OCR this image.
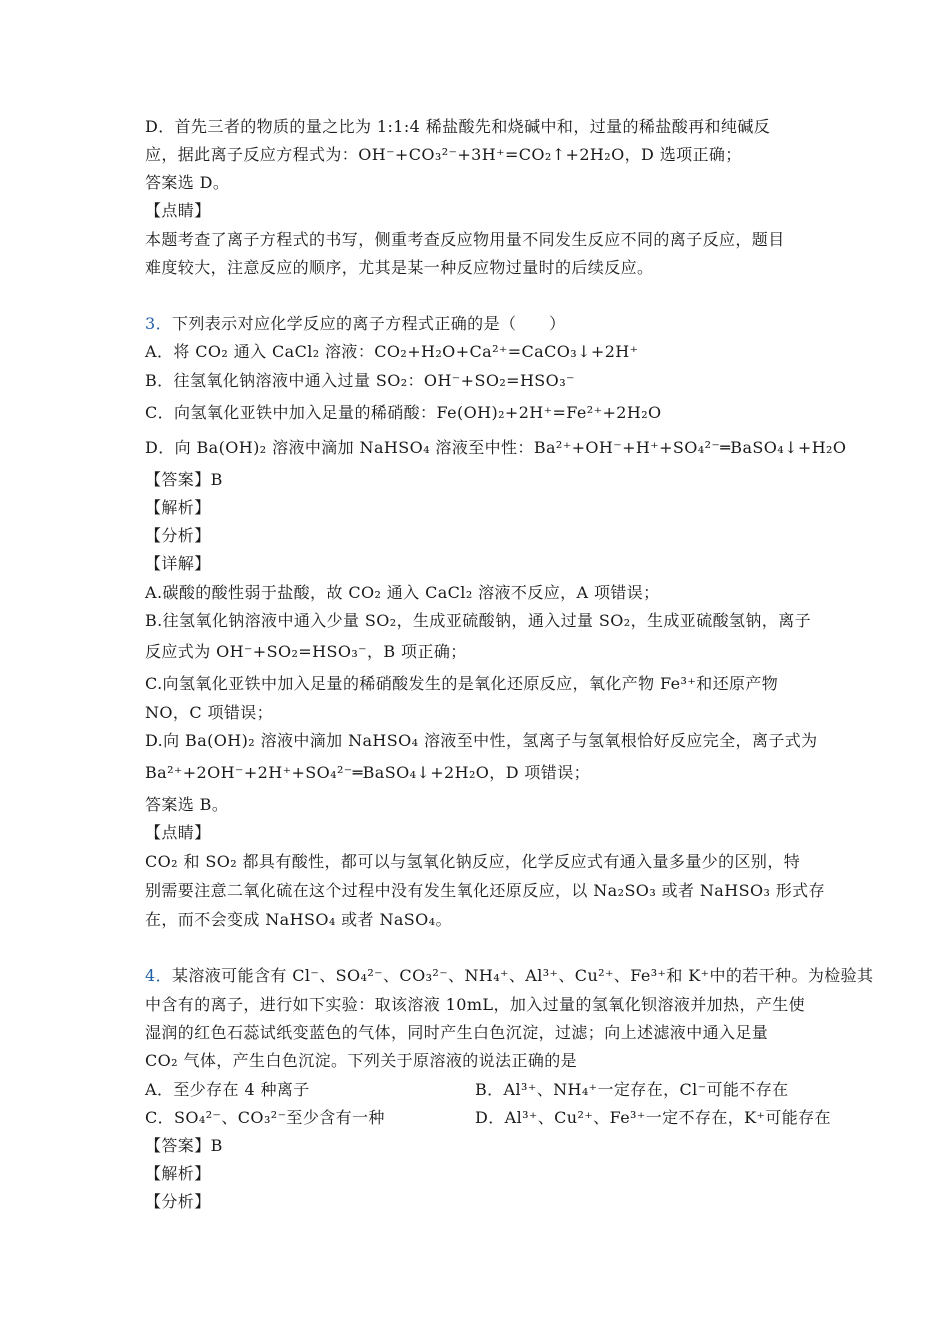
D．首先三者的物质的量之比为 1:1:4 稀盐酸先和烧碱中和，过量的稀盐酸再和纯碱反
应，据此离子反应方程式为：OH⁻+CO₃²⁻+3H⁺=CO₂↑+2H₂O，D 选项正确；
答案选 D。
【点睛】
本题考查了离子方程式的书写，侧重考查反应物用量不同发生反应不同的离子反应，题目
难度较大，注意反应的顺序，尤其是某一种反应物过量时的后续反应。
3．下列表示对应化学反应的离子方程式正确的是（　　）
A．将 CO₂ 通入 CaCl₂ 溶液：CO₂+H₂O+Ca²⁺=CaCO₃↓+2H⁺
B．往氢氧化钠溶液中通入过量 SO₂：OH⁻+SO₂=HSO₃⁻
C．向氢氧化亚铁中加入足量的稀硝酸：Fe(OH)₂+2H⁺=Fe²⁺+2H₂O
D．向 Ba(OH)₂ 溶液中滴加 NaHSO₄ 溶液至中性：Ba²⁺+OH⁻+H⁺+SO₄²⁻═BaSO₄↓+H₂O
【答案】B
【解析】
【分析】
【详解】
A.碳酸的酸性弱于盐酸，故 CO₂ 通入 CaCl₂ 溶液不反应，A 项错误；
B.往氢氧化钠溶液中通入少量 SO₂，生成亚硫酸钠，通入过量 SO₂，生成亚硫酸氢钠，离子
反应式为 OH⁻+SO₂=HSO₃⁻，B 项正确；
C.向氢氧化亚铁中加入足量的稀硝酸发生的是氧化还原反应，氧化产物 Fe³⁺和还原产物
NO，C 项错误；
D.向 Ba(OH)₂ 溶液中滴加 NaHSO₄ 溶液至中性，氢离子与氢氧根恰好反应完全，离子式为
Ba²⁺+2OH⁻+2H⁺+SO₄²⁻═BaSO₄↓+2H₂O，D 项错误；
答案选 B。
【点睛】
CO₂ 和 SO₂ 都具有酸性，都可以与氢氧化钠反应，化学反应式有通入量多量少的区别，特
别需要注意二氧化硫在这个过程中没有发生氧化还原反应，以 Na₂SO₃ 或者 NaHSO₃ 形式存
在，而不会变成 NaHSO₄ 或者 NaSO₄。
4．某溶液可能含有 Cl⁻、SO₄²⁻、CO₃²⁻、NH₄⁺、Al³⁺、Cu²⁺、Fe³⁺和 K⁺中的若干种。为检验其
中含有的离子，进行如下实验：取该溶液 10mL，加入过量的氢氧化钡溶液并加热，产生使
湿润的红色石蕊试纸变蓝色的气体，同时产生白色沉淀，过滤；向上述滤液中通入足量
CO₂ 气体，产生白色沉淀。下列关于原溶液的说法正确的是
A．至少存在 4 种离子	B．Al³⁺、NH₄⁺一定存在，Cl⁻可能不存在
C．SO₄²⁻、CO₃²⁻至少含有一种	D．Al³⁺、Cu²⁺、Fe³⁺一定不存在，K⁺可能存在
【答案】B
【解析】
【分析】
